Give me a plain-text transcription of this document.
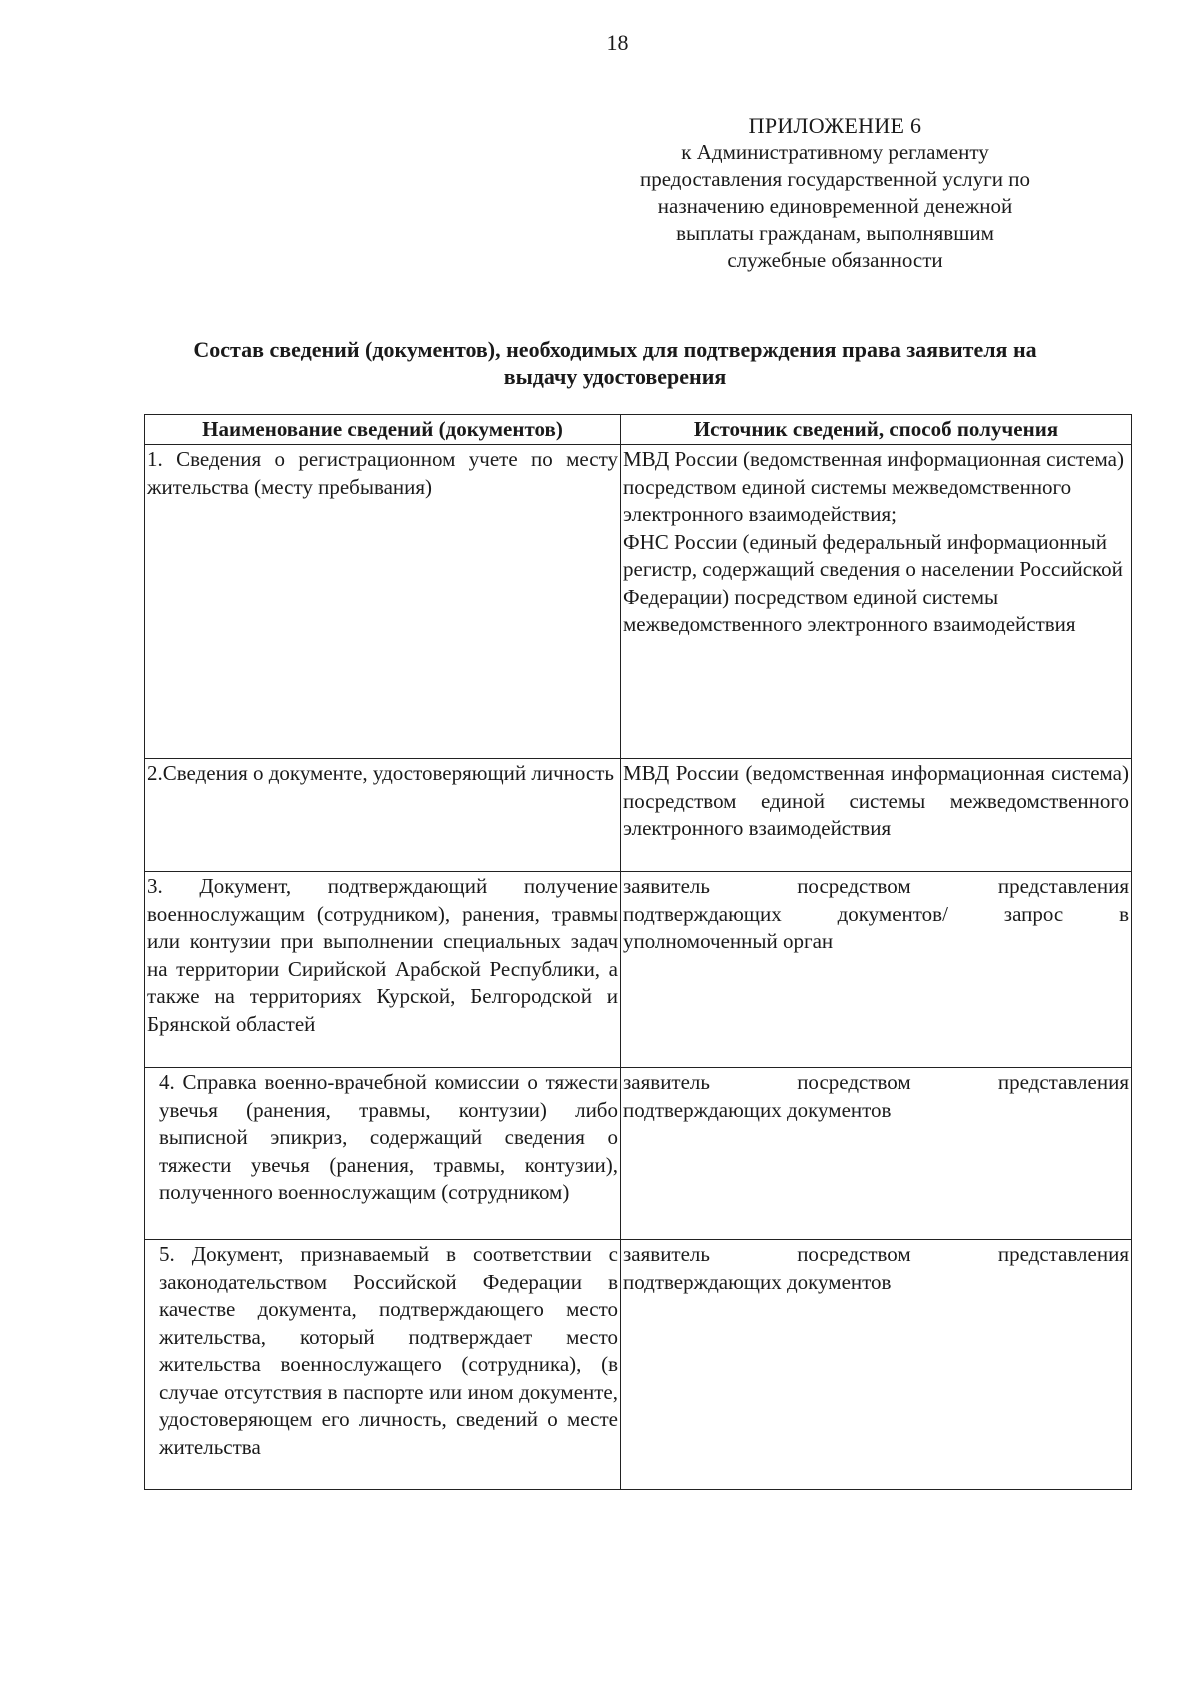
18
ПРИЛОЖЕНИЕ 6
к Административному регламенту
предоставления государственной услуги по
назначению единовременной денежной
выплаты гражданам, выполнявшим
служебные обязанности
Состав сведений (документов), необходимых для подтверждения права заявителя на
выдачу удостоверения
Наименование сведений (документов)	Источник сведений, способ получения
1. Сведения о регистрационном учете по месту жительства (месту пребывания)	МВД России (ведомственная информационная система) посредством единой системы межведомственного электронного взаимодействия;
ФНС России (единый федеральный информационный регистр, содержащий сведения о населении Российской Федерации) посредством единой системы межведомственного электронного взаимодействия

2.Сведения о документе, удостоверяющий личность	МВД России (ведомственная информационная система) посредством единой системы межведомственного электронного взаимодействия

3. Документ, подтверждающий получение военнослужащим (сотрудником), ранения, травмы или контузии при выполнении специальных задач на территории Сирийской Арабской Республики, а также на территориях Курской, Белгородской и Брянской областей	заявитель посредством представления подтверждающих документов/ запрос в уполномоченный орган

4. Справка военно-врачебной комиссии о тяжести увечья (ранения, травмы, контузии) либо выписной эпикриз, содержащий сведения о тяжести увечья (ранения, травмы, контузии), полученного военнослужащим (сотрудником)	заявитель посредством представления подтверждающих документов

5. Документ, признаваемый в соответствии с законодательством Российской Федерации в качестве документа, подтверждающего место жительства, который подтверждает место жительства военнослужащего (сотрудника), (в случае отсутствия в паспорте или ином документе, удостоверяющем его личность, сведений о месте жительства	заявитель посредством представления подтверждающих документов
